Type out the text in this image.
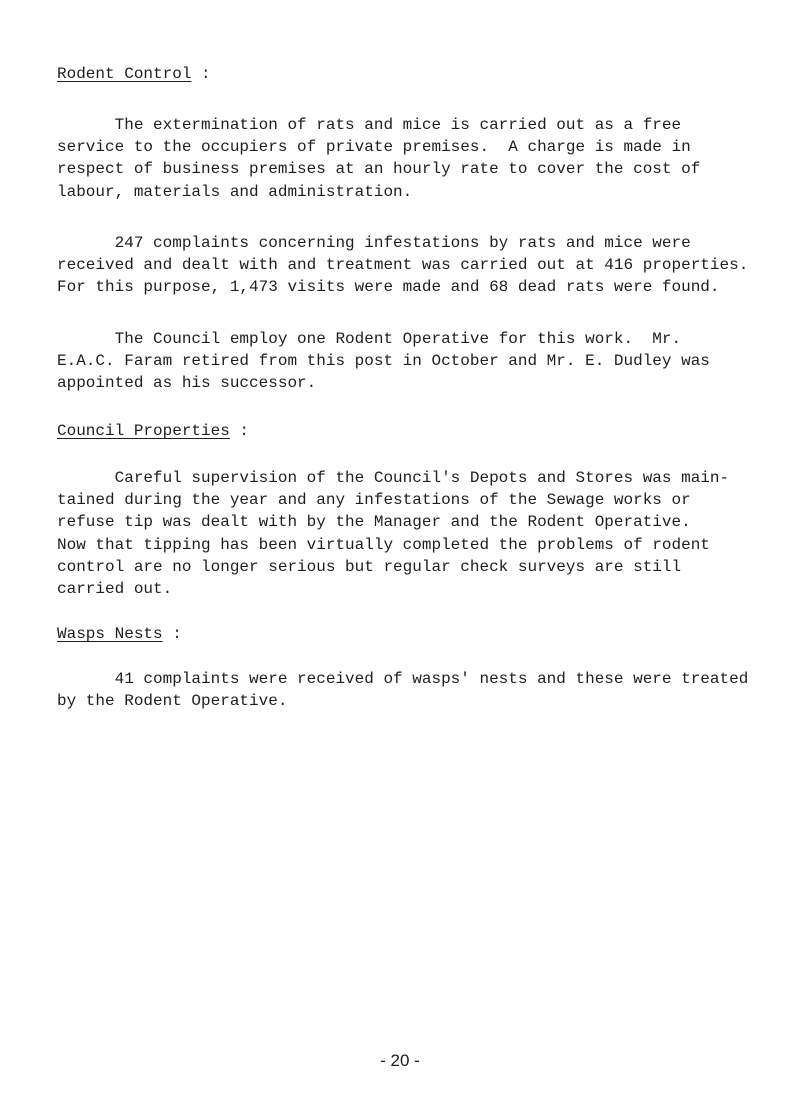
Rodent Control :
The extermination of rats and mice is carried out as a free
service to the occupiers of private premises.  A charge is made in
respect of business premises at an hourly rate to cover the cost of
labour, materials and administration.
247 complaints concerning infestations by rats and mice were
received and dealt with and treatment was carried out at 416 properties.
For this purpose, 1,473 visits were made and 68 dead rats were found.
The Council employ one Rodent Operative for this work.  Mr.
E.A.C. Faram retired from this post in October and Mr. E. Dudley was
appointed as his successor.
Council Properties :
Careful supervision of the Council's Depots and Stores was main-
tained during the year and any infestations of the Sewage works or
refuse tip was dealt with by the Manager and the Rodent Operative.
Now that tipping has been virtually completed the problems of rodent
control are no longer serious but regular check surveys are still
carried out.
Wasps Nests :
41 complaints were received of wasps' nests and these were treated
by the Rodent Operative.
- 20 -
